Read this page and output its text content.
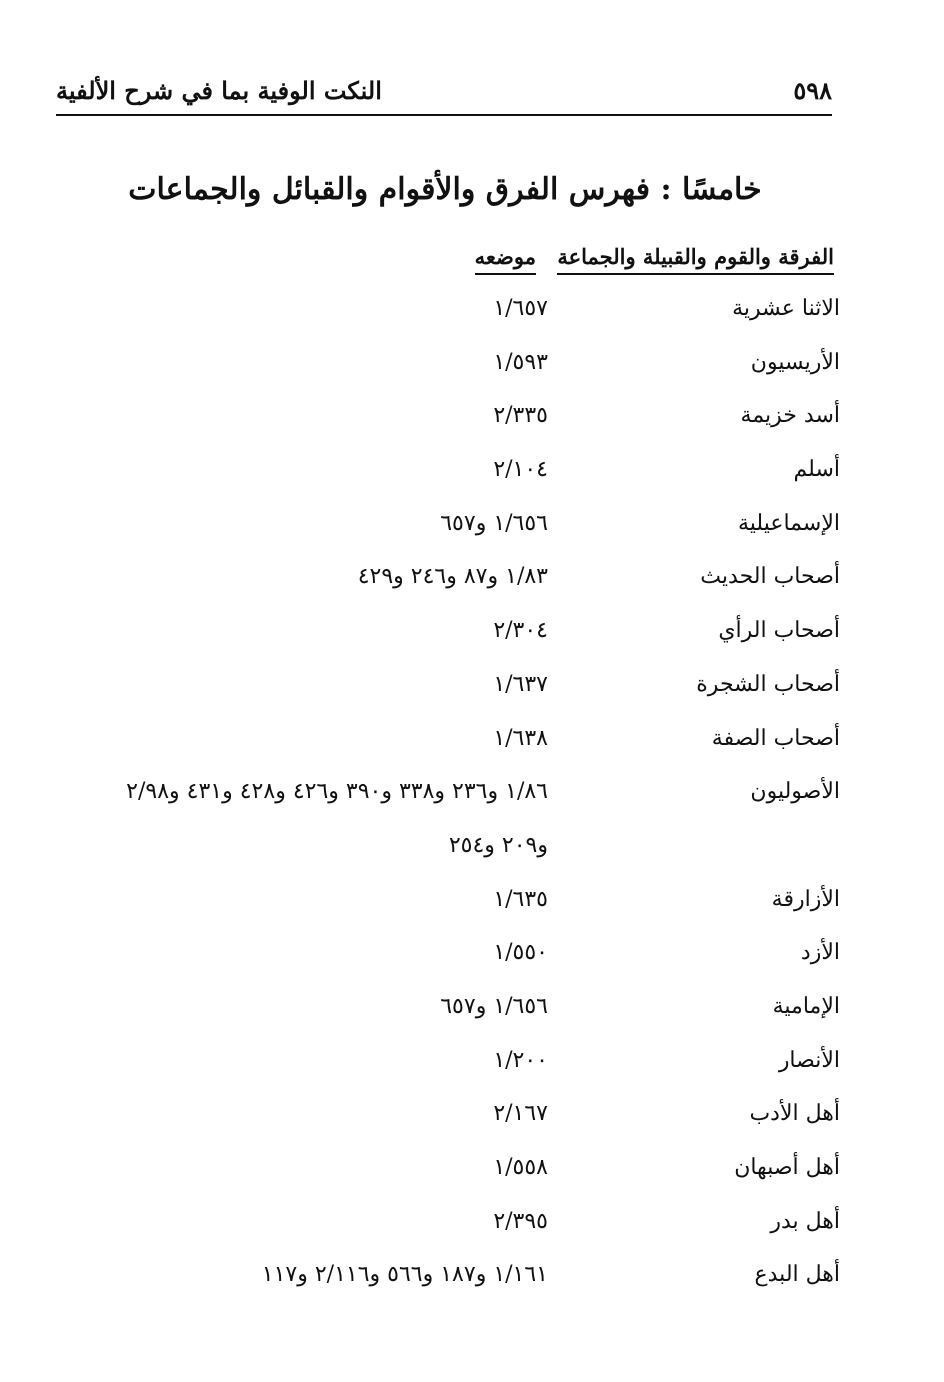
٥٩٨
النكت الوفية بما في شرح الألفية
خامسًا : فهرس الفرق والأقوام والقبائل والجماعات
الفرقة والقوم والقبيلة والجماعة
موضعه
الاثنا عشرية
١/٦٥٧
الأريسيون
١/٥٩٣
أسد خزيمة
٢/٣٣٥
أسلم
٢/١٠٤
الإسماعيلية
١/٦٥٦ و٦٥٧
أصحاب الحديث
١/٨٣ و٨٧ و٢٤٦ و٤٢٩
أصحاب الرأي
٢/٣٠٤
أصحاب الشجرة
١/٦٣٧
أصحاب الصفة
١/٦٣٨
الأصوليون
١/٨٦ و٢٣٦ و٣٣٨ و٣٩٠ و٤٢٦ و٤٢٨ و٤٣١ و٢/٩٨
و٢٠٩ و٢٥٤
الأزارقة
١/٦٣٥
الأزد
١/٥٥٠
الإمامية
١/٦٥٦ و٦٥٧
الأنصار
١/٢٠٠
أهل الأدب
٢/١٦٧
أهل أصبهان
١/٥٥٨
أهل بدر
٢/٣٩٥
أهل البدع
١/١٦١ و١٨٧ و٥٦٦ و٢/١١٦ و١١٧
